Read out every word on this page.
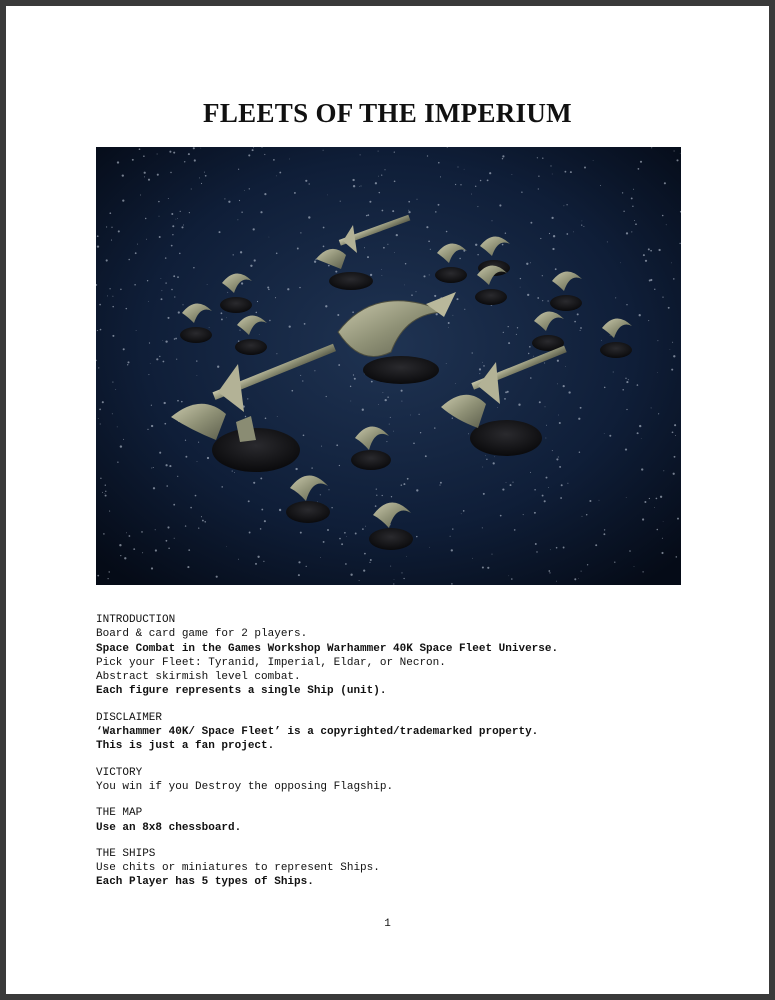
FLEETS OF THE IMPERIUM
INTRODUCTION
Board & card game for 2 players.
Space Combat in the Games Workshop Warhammer 40K Space Fleet Universe.
Pick your Fleet: Tyranid, Imperial, Eldar, or Necron.
Abstract skirmish level combat.
Each figure represents a single Ship (unit).
DISCLAIMER
‘Warhammer 40K/ Space Fleet’ is a copyrighted/trademarked property.
This is just a fan project.
VICTORY
You win if you Destroy the opposing Flagship.
THE MAP
Use an 8x8 chessboard.
THE SHIPS
Use chits or miniatures to represent Ships.
Each Player has 5 types of Ships.
1
